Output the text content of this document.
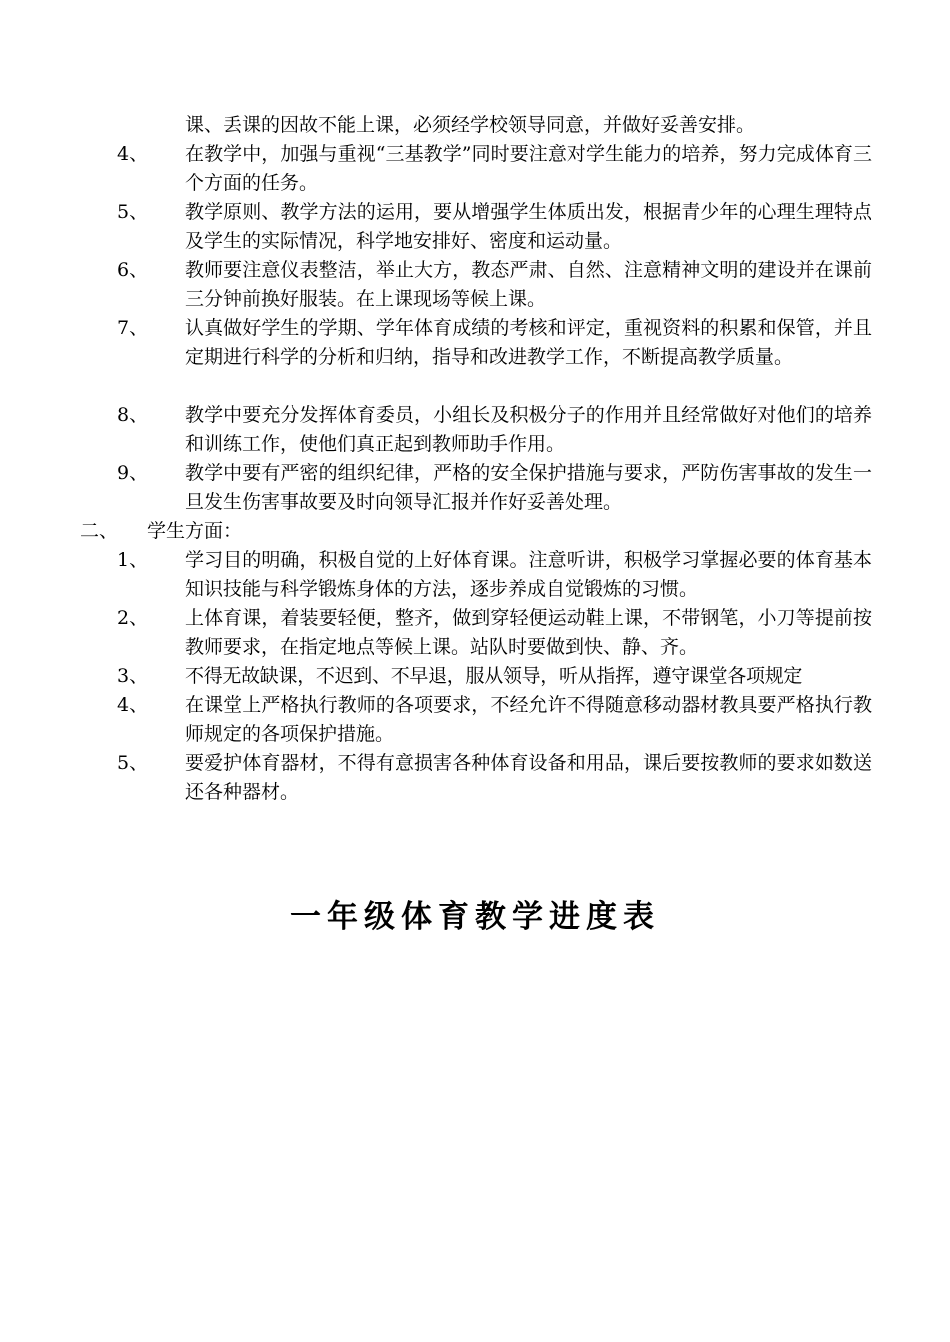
课、丢课的因故不能上课，必须经学校领导同意，并做好妥善安排。
4、 在教学中，加强与重视“三基教学”同时要注意对学生能力的培养，努力完成体育三个方面的任务。
5、 教学原则、教学方法的运用，要从增强学生体质出发，根据青少年的心理生理特点及学生的实际情况，科学地安排好、密度和运动量。
6、 教师要注意仪表整洁，举止大方，教态严肃、自然、注意精神文明的建设并在课前三分钟前换好服装。在上课现场等候上课。
7、 认真做好学生的学期、学年体育成绩的考核和评定，重视资料的积累和保管，并且定期进行科学的分析和归纳，指导和改进教学工作，不断提高教学质量。
8、 教学中要充分发挥体育委员，小组长及积极分子的作用并且经常做好对他们的培养和训练工作，使他们真正起到教师助手作用。
9、 教学中要有严密的组织纪律，严格的安全保护措施与要求，严防伤害事故的发生一旦发生伤害事故要及时向领导汇报并作好妥善处理。
二、 学生方面：
1、 学习目的明确，积极自觉的上好体育课。注意听讲，积极学习掌握必要的体育基本知识技能与科学锻炼身体的方法，逐步养成自觉锻炼的习惯。
2、 上体育课，着装要轻便，整齐，做到穿轻便运动鞋上课，不带钢笔，小刀等提前按教师要求，在指定地点等候上课。站队时要做到快、静、齐。
3、 不得无故缺课，不迟到、不早退，服从领导，听从指挥，遵守课堂各项规定
4、 在课堂上严格执行教师的各项要求，不经允许不得随意移动器材教具要严格执行教师规定的各项保护措施。
5、 要爱护体育器材，不得有意损害各种体育设备和用品，课后要按教师的要求如数送还各种器材。
一年级体育教学进度表
